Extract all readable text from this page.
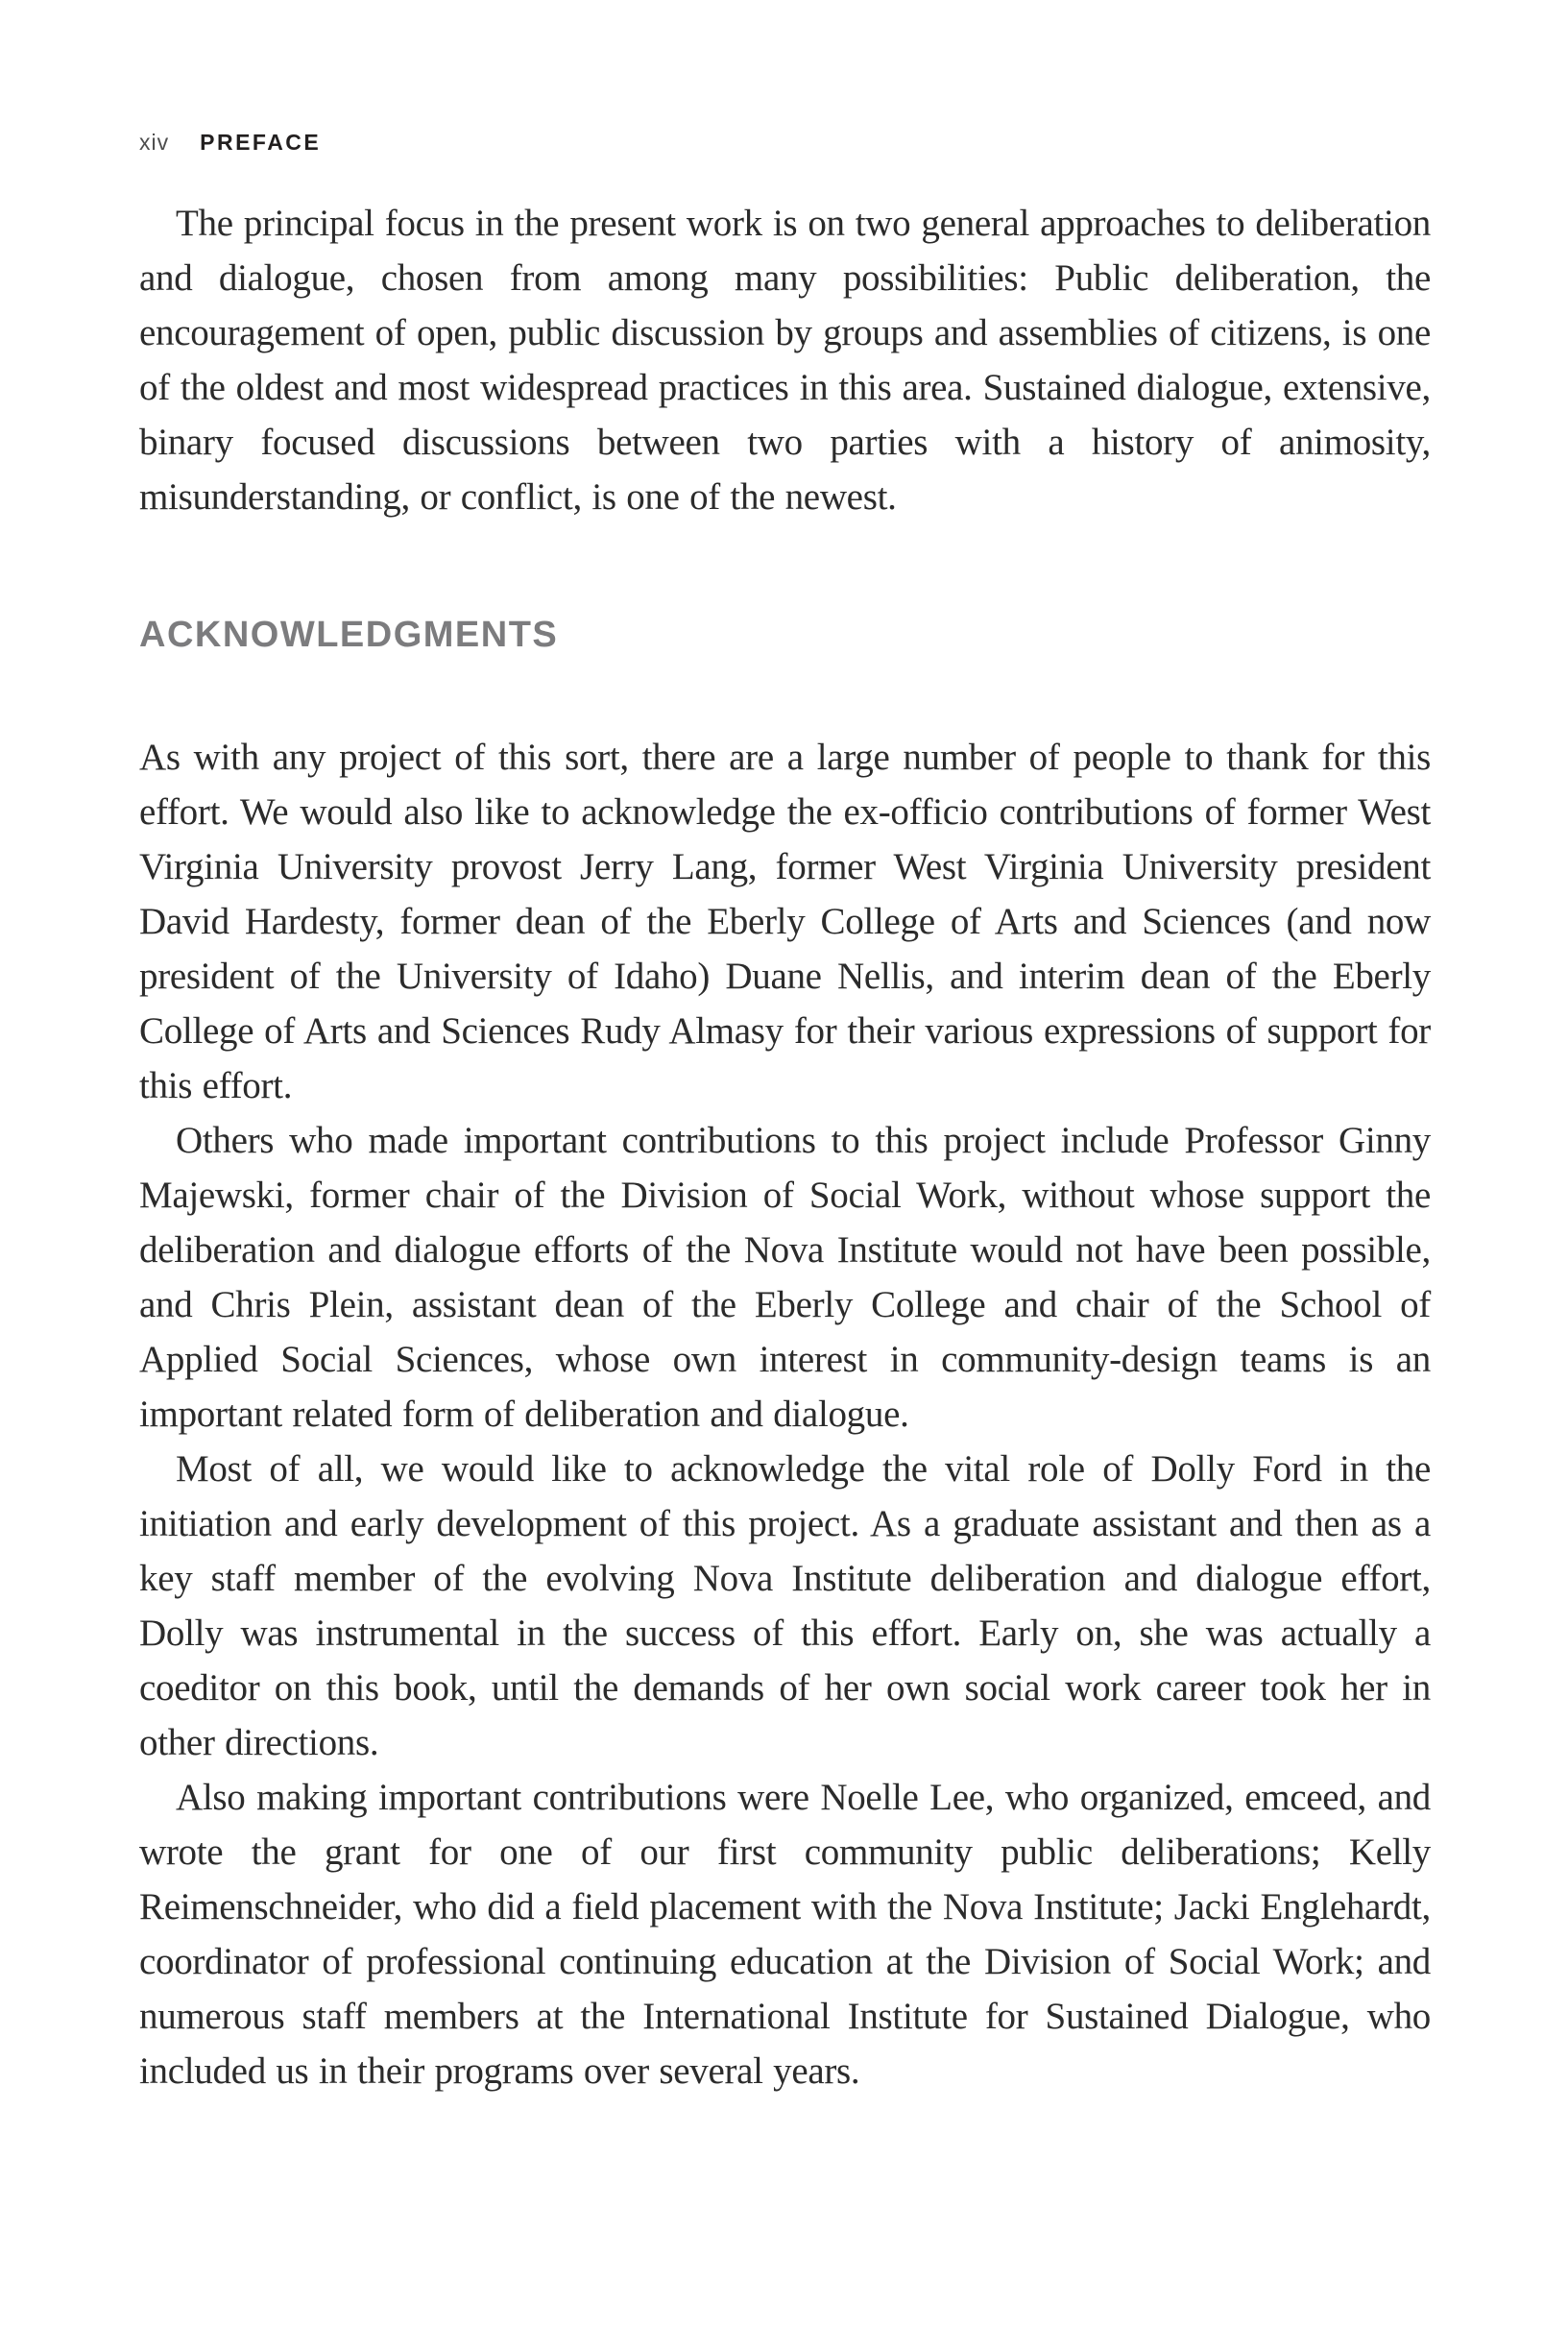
xiv PREFACE

The principal focus in the present work is on two general approaches to deliberation and dialogue, chosen from among many possibilities: Public deliberation, the encouragement of open, public discussion by groups and assemblies of citizens, is one of the oldest and most widespread practices in this area. Sustained dialogue, extensive, binary focused discussions between two parties with a history of animosity, misunderstanding, or conflict, is one of the newest.

ACKNOWLEDGMENTS

As with any project of this sort, there are a large number of people to thank for this effort. We would also like to acknowledge the ex-officio contributions of former West Virginia University provost Jerry Lang, former West Virginia University president David Hardesty, former dean of the Eberly College of Arts and Sciences (and now president of the University of Idaho) Duane Nellis, and interim dean of the Eberly College of Arts and Sciences Rudy Almasy for their various expressions of support for this effort.

Others who made important contributions to this project include Professor Ginny Majewski, former chair of the Division of Social Work, without whose support the deliberation and dialogue efforts of the Nova Institute would not have been possible, and Chris Plein, assistant dean of the Eberly College and chair of the School of Applied Social Sciences, whose own interest in community-design teams is an important related form of deliberation and dialogue.

Most of all, we would like to acknowledge the vital role of Dolly Ford in the initiation and early development of this project. As a graduate assistant and then as a key staff member of the evolving Nova Institute deliberation and dialogue effort, Dolly was instrumental in the success of this effort. Early on, she was actually a coeditor on this book, until the demands of her own social work career took her in other directions.

Also making important contributions were Noelle Lee, who organized, emceed, and wrote the grant for one of our first community public deliberations; Kelly Reimenschneider, who did a field placement with the Nova Institute; Jacki Englehardt, coordinator of professional continuing education at the Division of Social Work; and numerous staff members at the International Institute for Sustained Dialogue, who included us in their programs over several years.
